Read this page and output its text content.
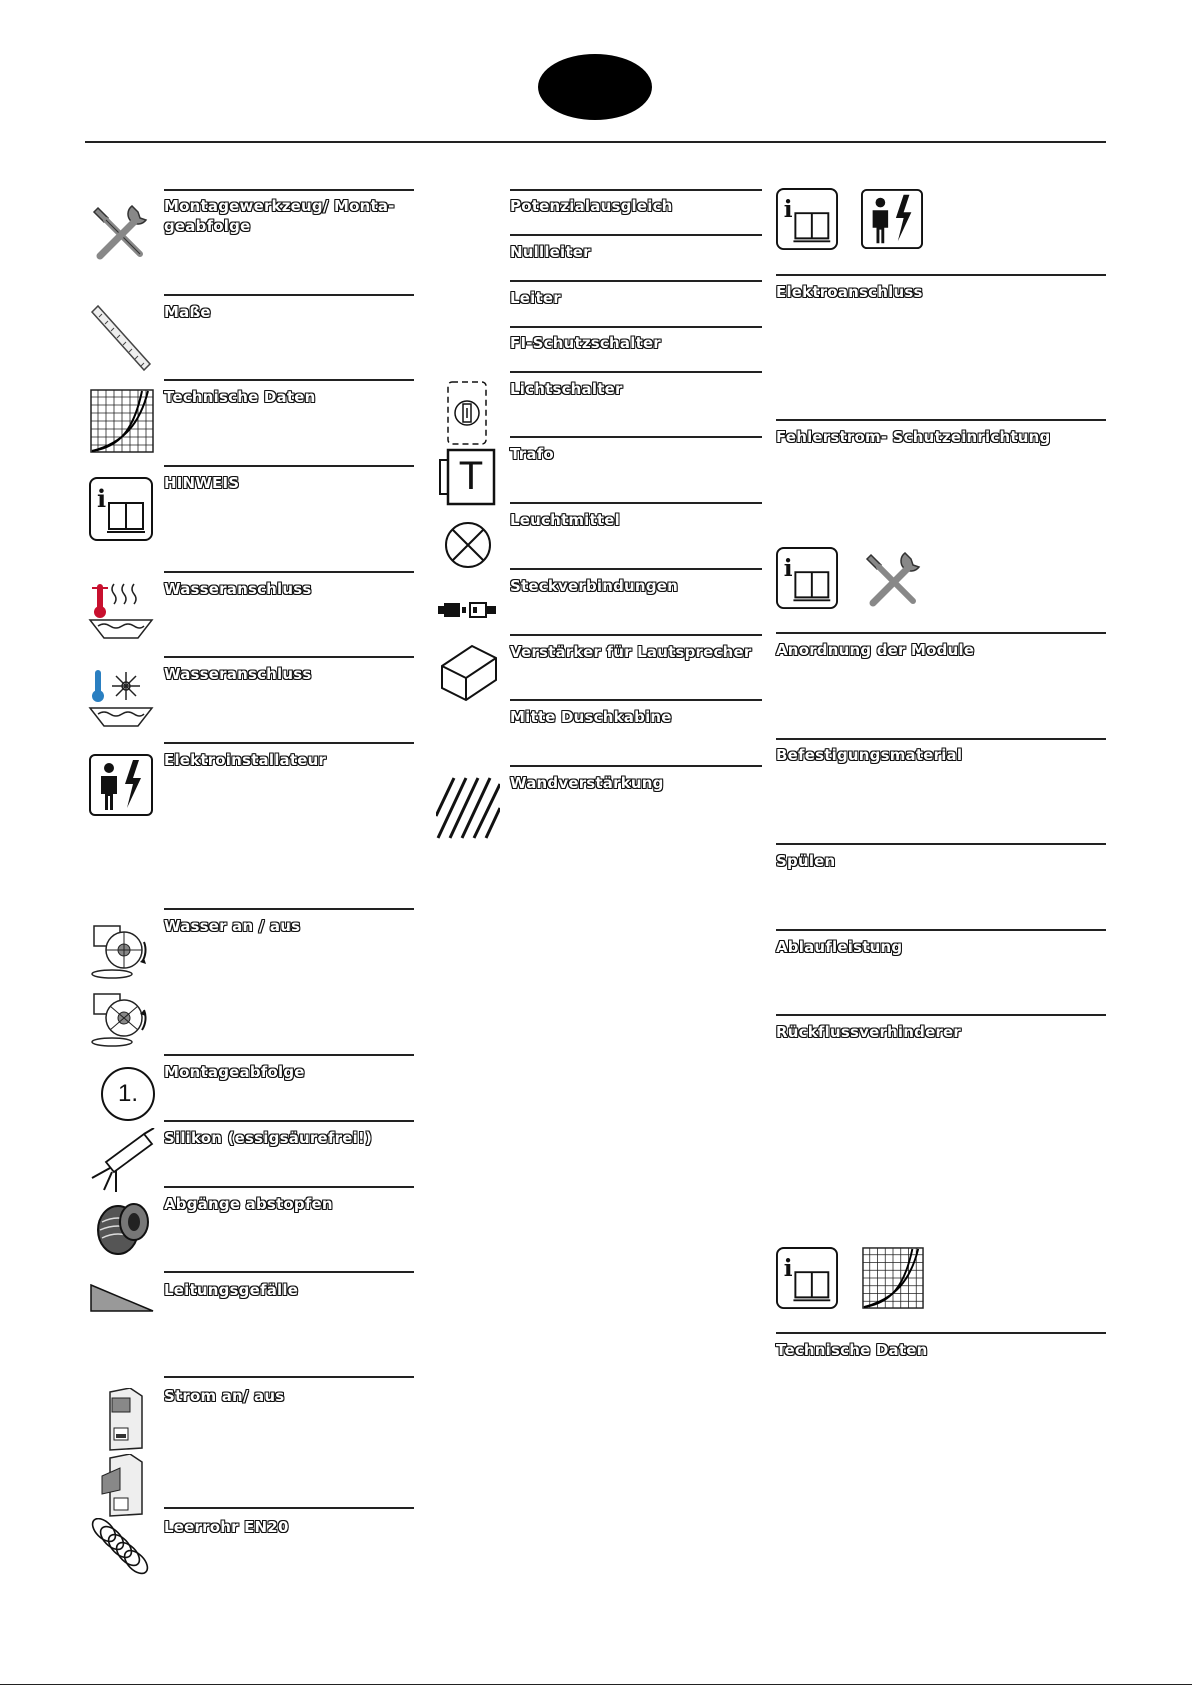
Montagewerkzeug/ Monta-
geabfolge
Maße
Technische Daten
i
HINWEIS
Wasseranschluss
Wasseranschluss
Elektroinstallateur
Wasser an / aus
1.
Montageabfolge
Silikon (essigsäurefrei!)
Abgänge abstopfen
Leitungsgefälle
Strom an/ aus
Leerrohr EN20
Potenzialausgleich
Nullleiter
Leiter
FI-Schutzschalter
Lichtschalter
T	Trafo
Leuchtmittel
Steckverbindungen
Verstärker für Lautsprecher
Mitte Duschkabine
Wandverstärkung
i
Elektroanschluss
Fehlerstrom- Schutzeinrichtung
i
Anordnung der Module
Befestigungsmaterial
Spülen
Ablaufleistung
Rückflussverhinderer
i
Technische Daten
